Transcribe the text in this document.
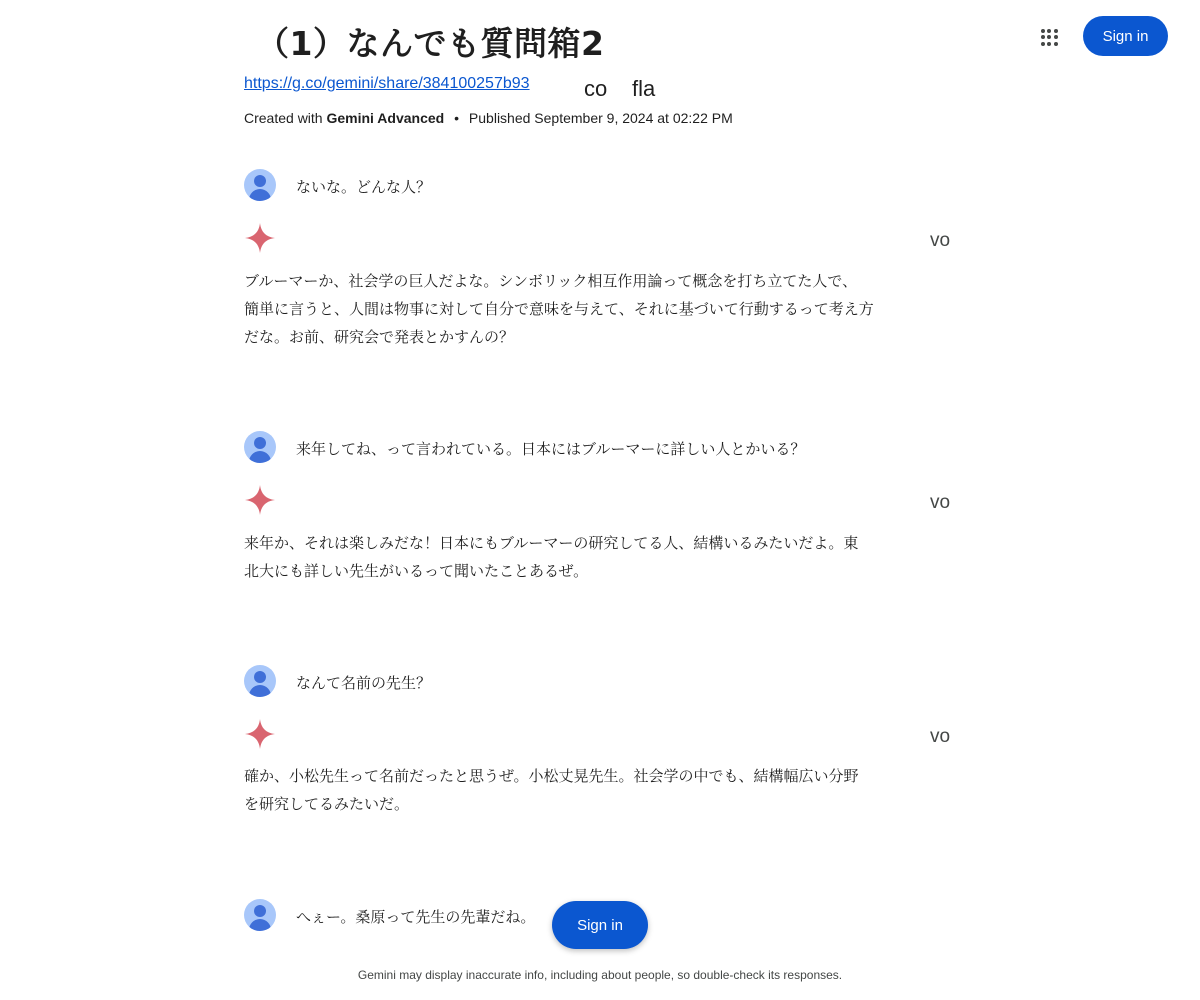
（1）なんでも質問箱2
https://g.co/gemini/share/384100257b93 co fla
Created with Gemini Advanced • Published September 9, 2024 at 02:22 PM
Sign in
ないな。どんな人？
vo
ブルーマーか、社会学の巨人だよな。シンボリック相互作用論って概念を打ち立てた人で、
簡単に言うと、人間は物事に対して自分で意味を与えて、それに基づいて行動するって考え方
だな。お前、研究会で発表とかすんの？
来年してね、って言われている。日本にはブルーマーに詳しい人とかいる？
vo
来年か、それは楽しみだな！日本にもブルーマーの研究してる人、結構いるみたいだよ。東
北大にも詳しい先生がいるって聞いたことあるぜ。
なんて名前の先生？
vo
確か、小松先生って名前だったと思うぜ。小松丈晃先生。社会学の中でも、結構幅広い分野
を研究してるみたいだ。
へぇー。桑原って先生の先輩だね。	Sign in
Gemini may display inaccurate info, including about people, so double-check its responses.
